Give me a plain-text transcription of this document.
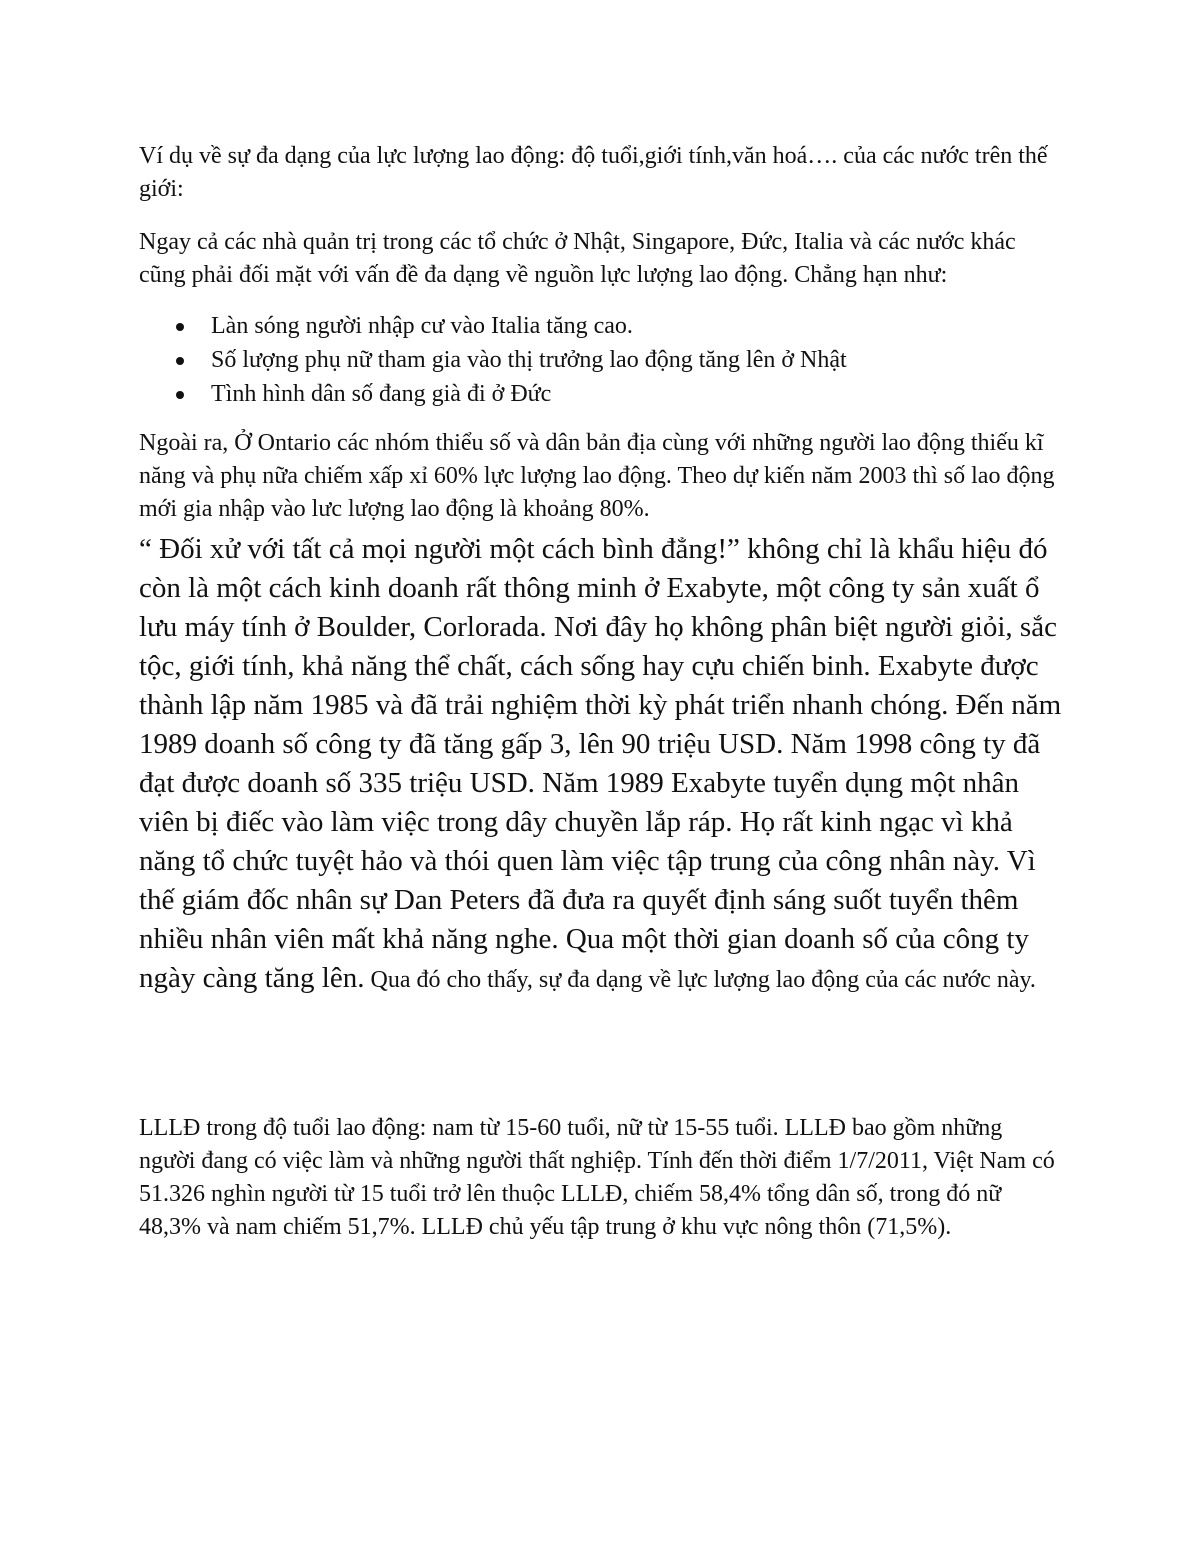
Ví dụ về sự đa dạng của lực lượng lao động: độ tuổi,giới tính,văn hoá…. của các nước trên thế giới:

Ngay cả các nhà quản trị trong các tổ chức ở Nhật, Singapore, Đức, Italia và các nước khác cũng phải đối mặt với vấn đề đa dạng về nguồn lực lượng lao động. Chẳng hạn như:

Làn sóng người nhập cư vào Italia tăng cao.
Số lượng phụ nữ tham gia vào thị trưởng lao động tăng lên ở Nhật
Tình hình dân số đang già đi ở Đức

Ngoài ra, Ở Ontario các nhóm thiểu số và dân bản địa cùng với những người lao động thiếu kĩ năng và phụ nữa chiếm xấp xỉ 60% lực lượng lao động. Theo dự kiến năm 2003 thì số lao động mới gia nhập vào lưc lượng lao động là khoảng 80%.

“ Đối xử với tất cả mọi người một cách bình đẳng!” không chỉ là khẩu hiệu đó còn là một cách kinh doanh rất thông minh ở Exabyte, một công ty sản xuất ổ lưu máy tính ở Boulder, Corlorada. Nơi đây họ không phân biệt người giỏi, sắc tộc, giới tính, khả năng thể chất, cách sống hay cựu chiến binh. Exabyte được thành lập năm 1985 và đã trải nghiệm thời kỳ phát triển nhanh chóng. Đến năm 1989 doanh số công ty đã tăng gấp 3, lên 90 triệu USD. Năm 1998 công ty đã đạt được doanh số 335 triệu USD. Năm 1989 Exabyte tuyển dụng một nhân viên bị điếc vào làm việc trong dây chuyền lắp ráp. Họ rất kinh ngạc vì khả năng tổ chức tuyệt hảo và thói quen làm việc tập trung của công nhân này. Vì thế giám đốc nhân sự Dan Peters đã đưa ra quyết định sáng suốt tuyển thêm nhiều nhân viên mất khả năng nghe. Qua một thời gian doanh số của công ty ngày càng tăng lên. Qua đó cho thấy, sự đa dạng về lực lượng lao động của các nước này.

LLLĐ trong độ tuổi lao động: nam từ 15-60 tuổi, nữ từ 15-55 tuổi. LLLĐ bao gồm những người đang có việc làm và những người thất nghiệp. Tính đến thời điểm 1/7/2011, Việt Nam có 51.326 nghìn người từ 15 tuổi trở lên thuộc LLLĐ, chiếm 58,4% tổng dân số, trong đó nữ 48,3% và nam chiếm 51,7%. LLLĐ chủ yếu tập trung ở khu vực nông thôn (71,5%).
